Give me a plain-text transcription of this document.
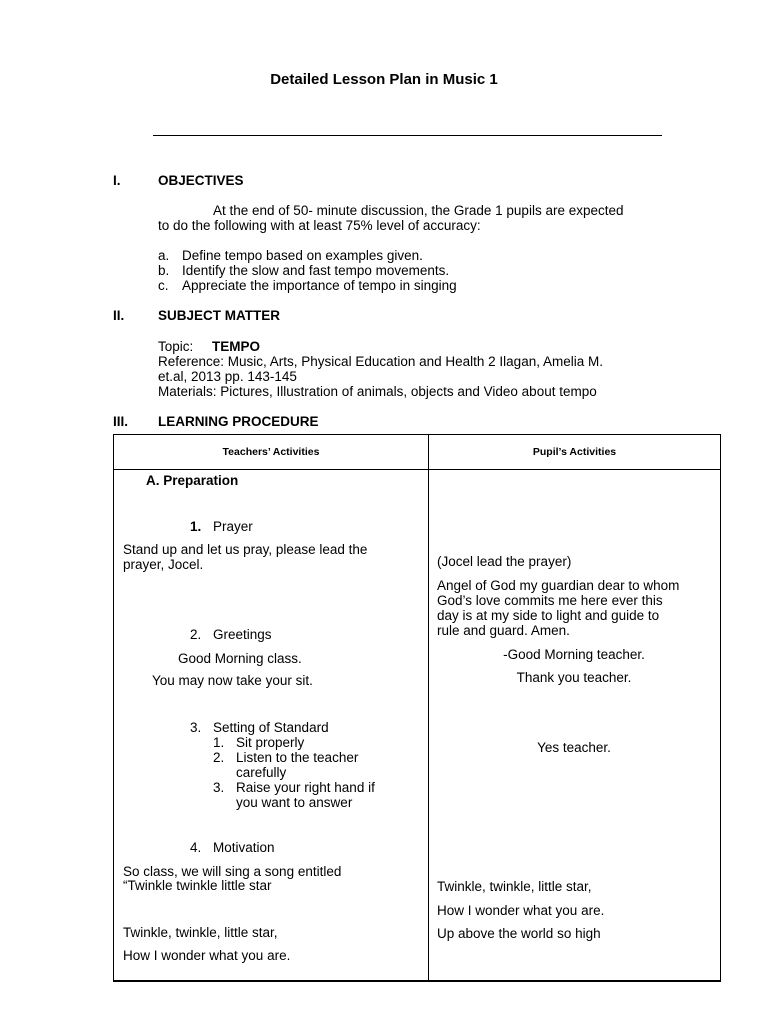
Detailed Lesson Plan in Music 1
I.	OBJECTIVES
At the end of 50- minute discussion, the Grade 1 pupils are expected
to do the following with at least 75% level of accuracy:
a. Define tempo based on examples given.
b. Identify the slow and fast tempo movements.
c. Appreciate the importance of tempo in singing
II. SUBJECT MATTER
Topic: TEMPO
Reference: Music, Arts, Physical Education and Health 2 Ilagan, Amelia M.
et.al, 2013 pp. 143-145
Materials: Pictures, Illustration of animals, objects and Video about tempo
III. LEARNING PROCEDURE
Teachers’ Activities	Pupil’s Activities
A. Preparation
1. Prayer
Stand up and let us pray, please lead the
prayer, Jocel.
2. Greetings
Good Morning class.
You may now take your sit.
3. Setting of Standard
1. Sit properly
2. Listen to the teacher
carefully
3. Raise your right hand if
you want to answer
4. Motivation
So class, we will sing a song entitled
“Twinkle twinkle little star
Twinkle, twinkle, little star,
How I wonder what you are.
(Jocel lead the prayer)
Angel of God my guardian dear to whom
God’s love commits me here ever this
day is at my side to light and guide to
rule and guard. Amen.
-Good Morning teacher.
Thank you teacher.
Yes teacher.
Twinkle, twinkle, little star,
How I wonder what you are.
Up above the world so high
